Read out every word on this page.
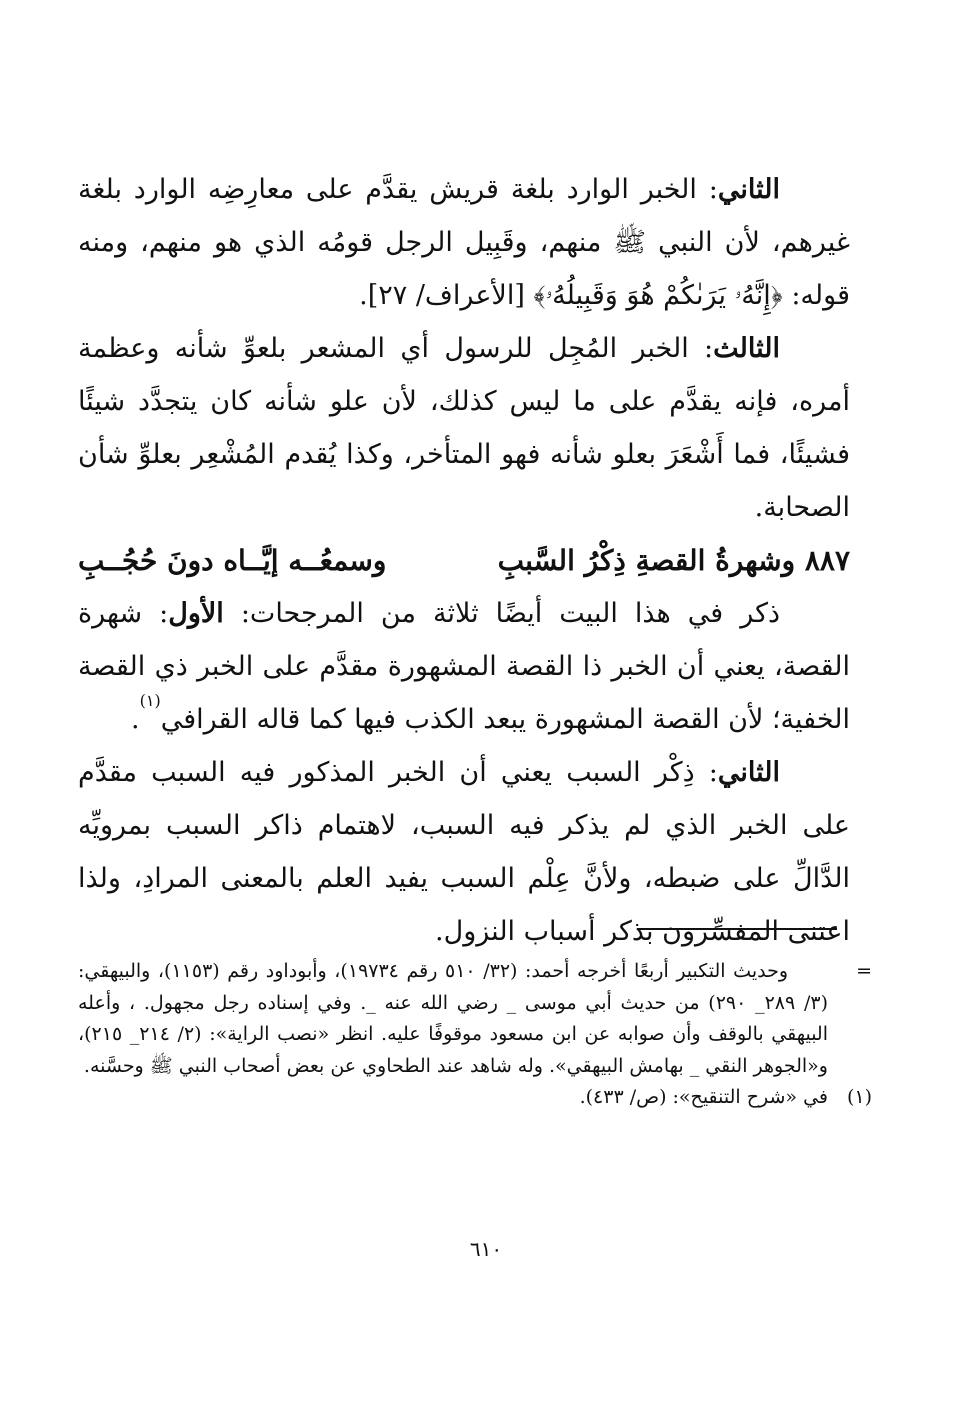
الثاني: الخبر الوارد بلغة قريش يقدَّم على معارِضِه الوارد بلغة غيرهم، لأن النبي ﷺ منهم، وقَبِيل الرجل قومُه الذي هو منهم، ومنه قوله: ﴿إِنَّهُۥ يَرَىٰكُمْ هُوَ وَقَبِيلُهُۥ﴾ [الأعراف/ ٢٧].

الثالث: الخبر المُجِل للرسول أي المشعر بلعوِّ شأنه وعظمة أمره، فإنه يقدَّم على ما ليس كذلك، لأن علو شأنه كان يتجدَّد شيئًا فشيئًا، فما أَشْعَرَ بعلو شأنه فهو المتأخر، وكذا يُقدم المُشْعِر بعلوِّ شأن الصحابة.

٨٨٧ وشهرةُ القصةِ ذِكْرُ السَّببِ
وسمعُــه إيَّــاه دونَ حُجُــبِ

ذكر في هذا البيت أيضًا ثلاثة من المرجحات: الأول: شهرة القصة، يعني أن الخبر ذا القصة المشهورة مقدَّم على الخبر ذي القصة الخفية؛ لأن القصة المشهورة يبعد الكذب فيها كما قاله القرافي$^{(١)}$.

الثاني: ذِكْر السبب يعني أن الخبر المذكور فيه السبب مقدَّم على الخبر الذي لم يذكر فيه السبب، لاهتمام ذاكر السبب بمرويِّه الدَّالِّ على ضبطه، ولأنَّ عِلْم السبب يفيد العلم بالمعنى المرادِ، ولذا اعتنى المفسِّرون بذكر أسباب النزول.

=
وحديث التكبير أربعًا أخرجه أحمد: (٣٢/ ٥١٠ رقم ١٩٧٣٤)، وأبوداود رقم (١١٥٣)، والبيهقي: (٣/ ٢٨٩_ ٢٩٠) من حديث أبي موسى _ رضي الله عنه _. وفي إسناده رجل مجهول. ، وأعله البيهقي بالوقف وأن صوابه عن ابن مسعود موقوفًا عليه. انظر «نصب الراية»: (٢/ ٢١٤_ ٢١٥)، و«الجوهر النقي _ بهامش البيهقي». وله شاهد عند الطحاوي عن بعض أصحاب النبي ﷺ وحسَّنه.
(١)
في «شرح التنقيح»: (ص/ ٤٣٣).
٦١٠
